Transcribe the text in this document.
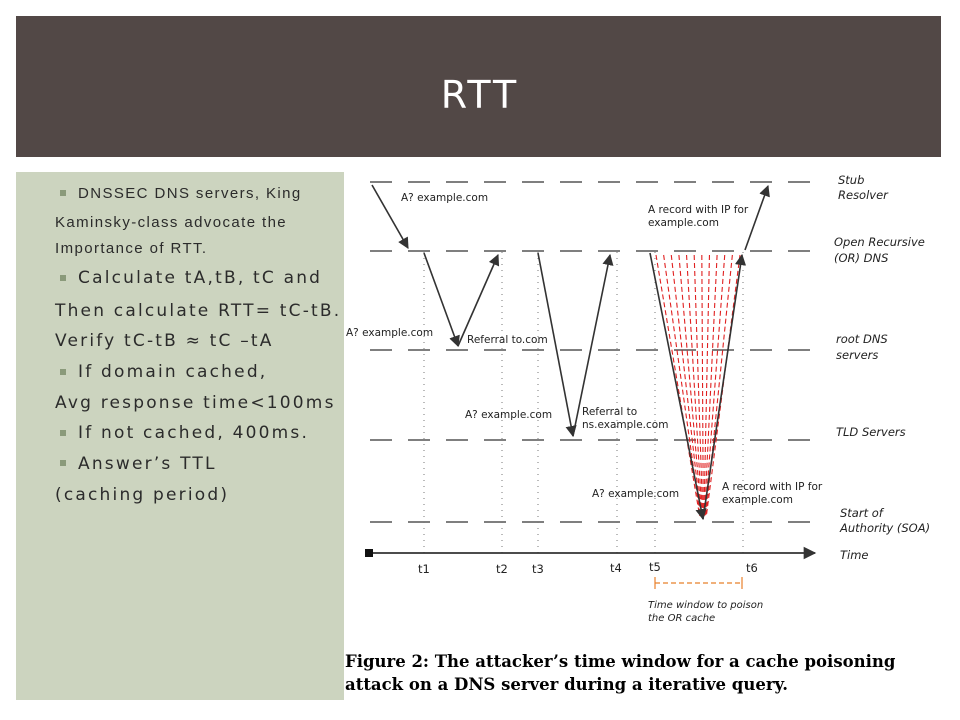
RTT
DNSSEC DNS servers, King
Kaminsky-class advocate the
Importance of RTT.
Calculate tA,tB, tC and
Then calculate RTT= tC-tB.
Verify tC-tB ≈ tC –tA
If domain cached,
Avg response time<100ms
If not cached, 400ms.
Answer’s TTL
(caching period)
Stub
Resolver
Open Recursive
(OR) DNS
root DNS
servers
TLD Servers
Start of
Authority (SOA)
Time
A? example.com
A? example.com
Referral to.com
A? example.com	Referral to
ns.example.com
A? example.com
A record with IP for
example.com
A record with IP for
example.com
t1	t2 t3	t4 t5	t6
Time window to poison
the OR cache
Figure 2: The attacker’s time window for a cache poisoning
attack on a DNS server during a iterative query.
